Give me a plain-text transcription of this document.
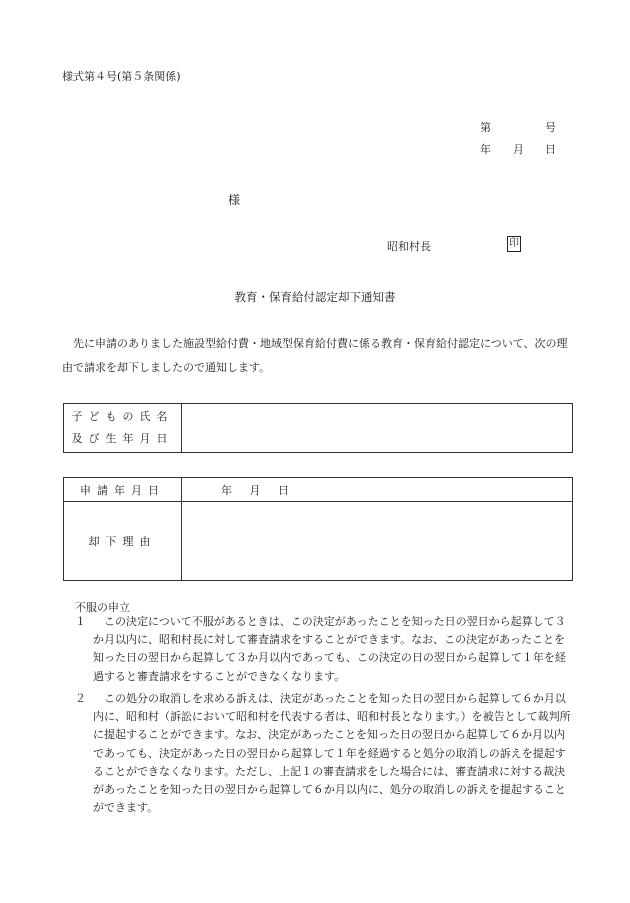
様式第４号(第５条関係)
第	号
年 月 日
様
昭和村長	印
教育・保育給付認定却下通知書
先に申請のありました施設型給付費・地域型保育給付費に係る教育・保育給付認定について、次の理由で請求を却下しましたので通知します。
子どもの氏名
及び生年月日

申請年月日	年 月 日
却下理由	
不服の申立
１	この決定について不服があるときは、この決定があったことを知った日の翌日から起算して３か月以内に、昭和村長に対して審査請求をすることができます。なお、この決定があったことを知った日の翌日から起算して３か月以内であっても、この決定の日の翌日から起算して１年を経過すると審査請求をすることができなくなります。

２	この処分の取消しを求める訴えは、決定があったことを知った日の翌日から起算して６か月以内に、昭和村（訴訟において昭和村を代表する者は、昭和村長となります。）を被告として裁判所に提起することができます。なお、決定があったことを知った日の翌日から起算して６か月以内であっても、決定があった日の翌日から起算して１年を経過すると処分の取消しの訴えを提起することができなくなります。ただし、上記１の審査請求をした場合には、審査請求に対する裁決があったことを知った日の翌日から起算して６か月以内に、処分の取消しの訴えを提起することができます。
